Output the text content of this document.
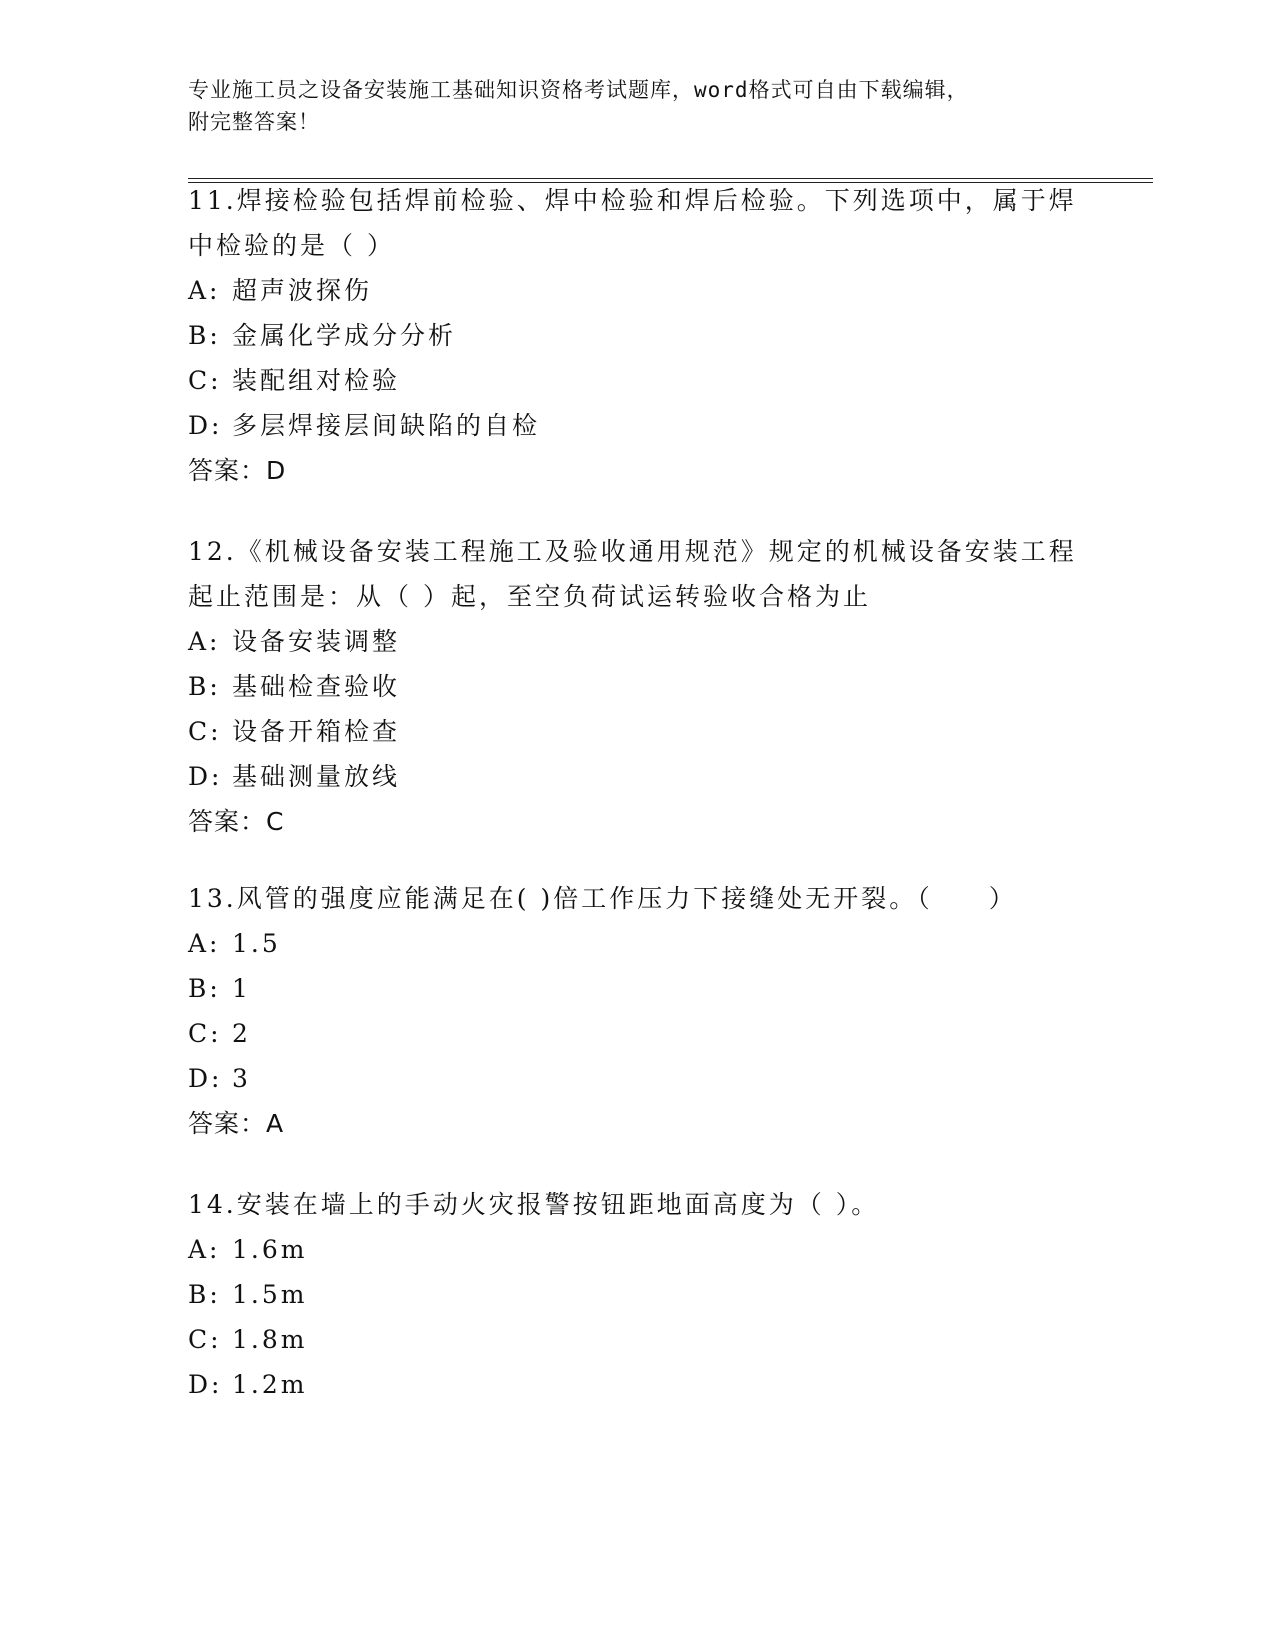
专业施工员之设备安装施工基础知识资格考试题库，word格式可自由下载编辑，
附完整答案！

11.焊接检验包括焊前检验、焊中检验和焊后检验。下列选项中，属于焊中检验的是（ ）

A: 超声波探伤

B: 金属化学成分分析

C: 装配组对检验

D: 多层焊接层间缺陷的自检

答案：D

12.《机械设备安装工程施工及验收通用规范》规定的机械设备安装工程起止范围是：从（ ）起，至空负荷试运转验收合格为止

A: 设备安装调整

B: 基础检查验收

C: 设备开箱检查

D: 基础测量放线

答案：C

13.风管的强度应能满足在( )倍工作压力下接缝处无开裂。（　　）

A: 1.5

B: 1

C: 2

D: 3

答案：A

14.安装在墙上的手动火灾报警按钮距地面高度为（ ）。

A: 1.6m

B: 1.5m

C: 1.8m

D: 1.2m
